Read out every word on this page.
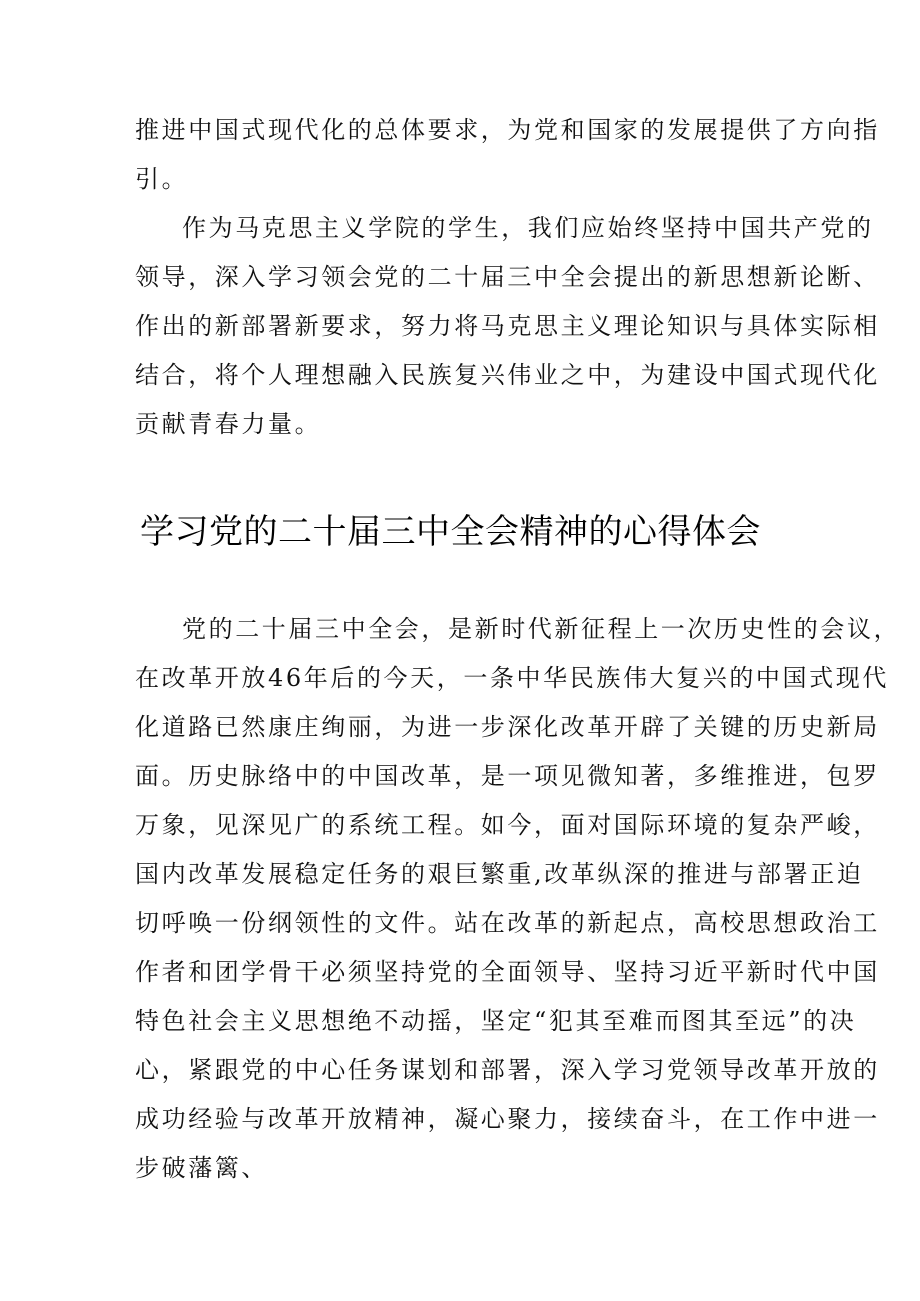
推进中国式现代化的总体要求，为党和国家的发展提供了方向指

引。

作为马克思主义学院的学生，我们应始终坚持中国共产党的

领导，深入学习领会党的二十届三中全会提出的新思想新论断、

作出的新部署新要求，努力将马克思主义理论知识与具体实际相

结合，将个人理想融入民族复兴伟业之中，为建设中国式现代化

贡献青春力量。

学习党的二十届三中全会精神的心得体会

党的二十届三中全会，是新时代新征程上一次历史性的会议，

在改革开放46年后的今天，一条中华民族伟大复兴的中国式现代

化道路已然康庄绚丽，为进一步深化改革开辟了关键的历史新局

面。历史脉络中的中国改革，是一项见微知著，多维推进，包罗

万象，见深见广的系统工程。如今，面对国际环境的复杂严峻，

国内改革发展稳定任务的艰巨繁重,改革纵深的推进与部署正迫

切呼唤一份纲领性的文件。站在改革的新起点，高校思想政治工

作者和团学骨干必须坚持党的全面领导、坚持习近平新时代中国

特色社会主义思想绝不动摇，坚定“犯其至难而图其至远”的决

心，紧跟党的中心任务谋划和部署，深入学习党领导改革开放的

成功经验与改革开放精神，凝心聚力，接续奋斗，在工作中进一

步破藩篱、
